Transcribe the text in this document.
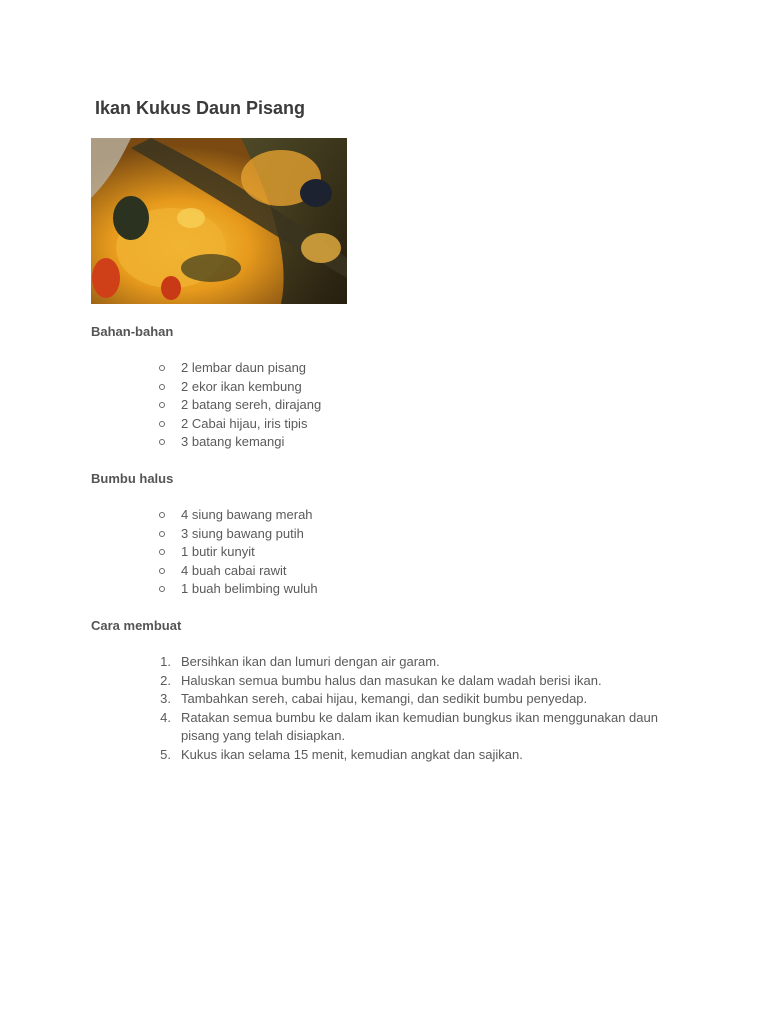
Ikan Kukus Daun Pisang
Bahan-bahan
2 lembar daun pisang
2 ekor ikan kembung
2 batang sereh, dirajang
2 Cabai hijau, iris tipis
3 batang kemangi
Bumbu halus
4 siung bawang merah
3 siung bawang putih
1 butir kunyit
4 buah cabai rawit
1 buah belimbing wuluh
Cara membuat
1. Bersihkan ikan dan lumuri dengan air garam.
2. Haluskan semua bumbu halus dan masukan ke dalam wadah berisi ikan.
3. Tambahkan sereh, cabai hijau, kemangi, dan sedikit bumbu penyedap.
4. Ratakan semua bumbu ke dalam ikan kemudian bungkus ikan menggunakan daun pisang yang telah disiapkan.
5. Kukus ikan selama 15 menit, kemudian angkat dan sajikan.
